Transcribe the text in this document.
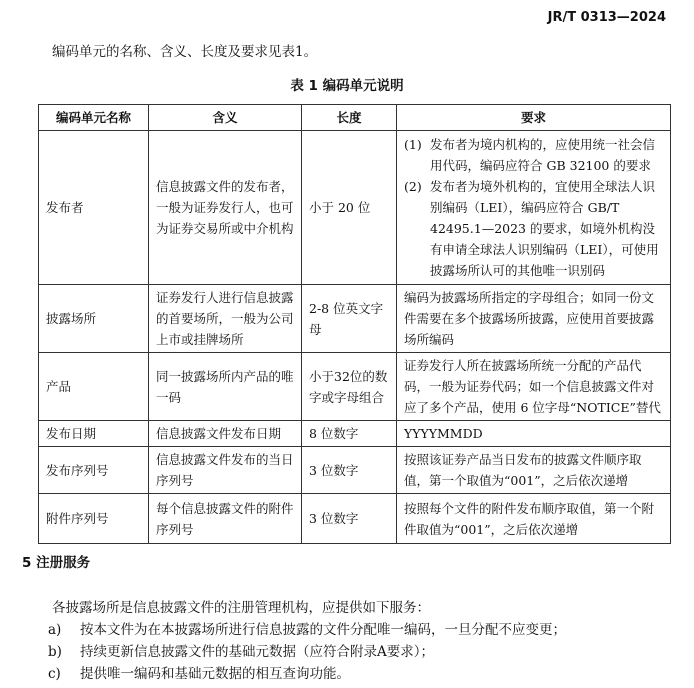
JR/T 0313—2024
编码单元的名称、含义、长度及要求见表1。
表 1 编码单元说明
编码单元名称	含义	长度	要求
发布者	信息披露文件的发布者，一般为证券发行人，也可为证券交易所或中介机构	小于 20 位	(1) 发布者为境内机构的，应使用统一社会信用代码，编码应符合 GB 32100 的要求
(2) 发布者为境外机构的，宜使用全球法人识别编码（LEI），编码应符合 GB/T 42495.1—2023 的要求，如境外机构没有申请全球法人识别编码（LEI），可使用披露场所认可的其他唯一识别码

披露场所	证券发行人进行信息披露的首要场所，一般为公司上市或挂牌场所	2-8 位英文字母	编码为披露场所指定的字母组合；如同一份文件需要在多个披露场所披露，应使用首要披露场所编码
产品	同一披露场所内产品的唯一码	小于32位的数字或字母组合	证券发行人所在披露场所统一分配的产品代码，一般为证券代码；如一个信息披露文件对应了多个产品，使用 6 位字母“NOTICE”替代
发布日期	信息披露文件发布日期	8 位数字	YYYYMMDD
发布序列号	信息披露文件发布的当日序列号	3 位数字	按照该证券产品当日发布的披露文件顺序取值，第一个取值为“001”，之后依次递增
附件序列号	每个信息披露文件的附件序列号	3 位数字	按照每个文件的附件发布顺序取值，第一个附件取值为“001”，之后依次递增
5 注册服务
各披露场所是信息披露文件的注册管理机构，应提供如下服务：
a) 按本文件为在本披露场所进行信息披露的文件分配唯一编码，一旦分配不应变更；
b) 持续更新信息披露文件的基础元数据（应符合附录A要求）；
c) 提供唯一编码和基础元数据的相互查询功能。
